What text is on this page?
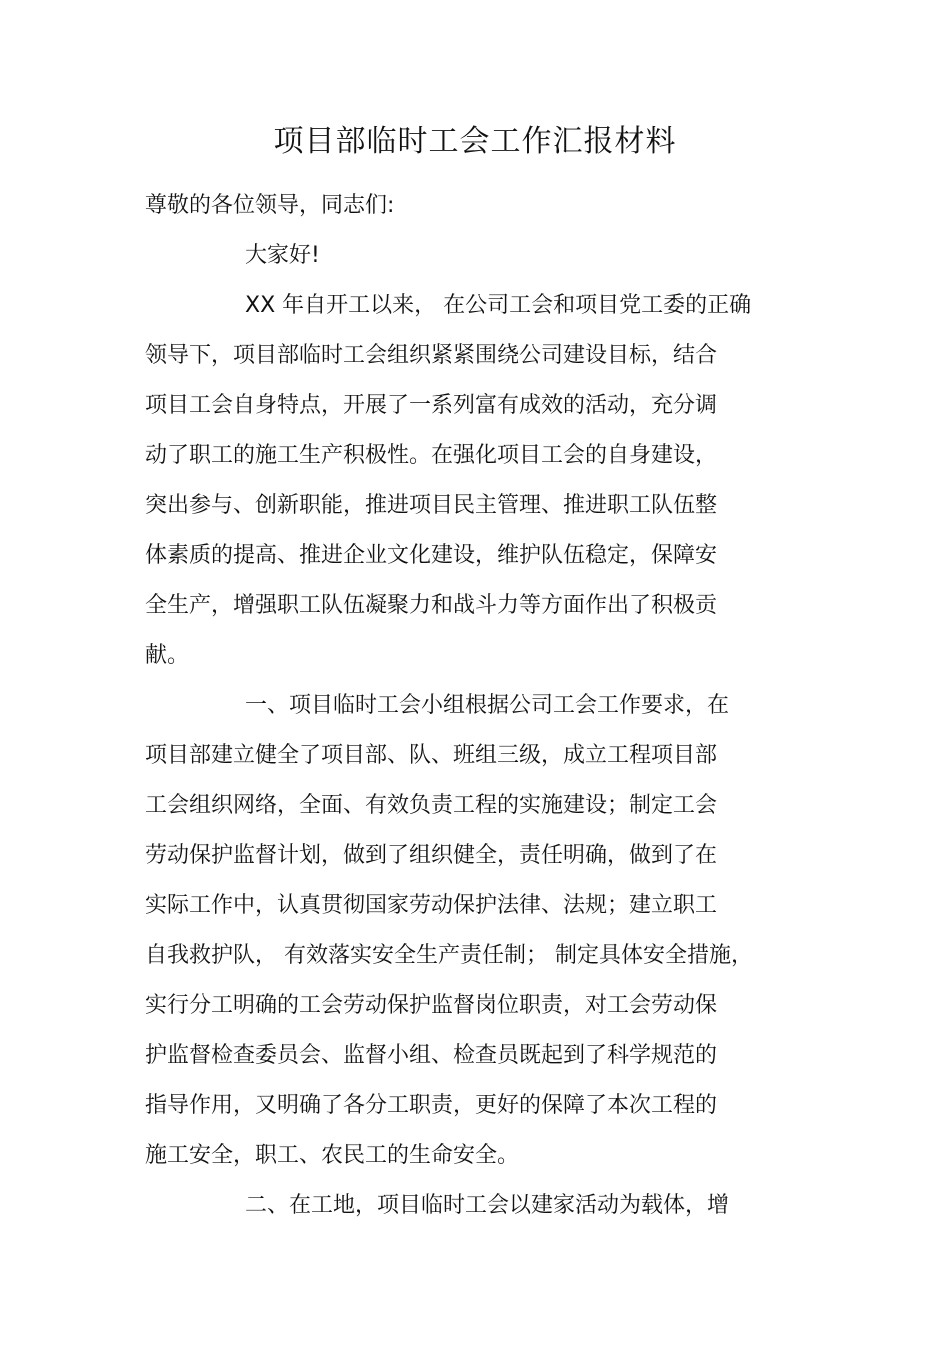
项目部临时工会工作汇报材料
尊敬的各位领导，同志们:
大家好!
XX 年自开工以来， 在公司工会和项目党工委的正确
领导下，项目部临时工会组织紧紧围绕公司建设目标，结合
项目工会自身特点，开展了一系列富有成效的活动，充分调
动了职工的施工生产积极性。在强化项目工会的自身建设，
突出参与、创新职能，推进项目民主管理、推进职工队伍整
体素质的提高、推进企业文化建设，维护队伍稳定，保障安
全生产，增强职工队伍凝聚力和战斗力等方面作出了积极贡
献。
一、项目临时工会小组根据公司工会工作要求，在
项目部建立健全了项目部、队、班组三级，成立工程项目部
工会组织网络，全面、有效负责工程的实施建设；制定工会
劳动保护监督计划，做到了组织健全，责任明确，做到了在
实际工作中，认真贯彻国家劳动保护法律、法规；建立职工
自我救护队， 有效落实安全生产责任制； 制定具体安全措施，
实行分工明确的工会劳动保护监督岗位职责，对工会劳动保
护监督检查委员会、监督小组、检查员既起到了科学规范的
指导作用，又明确了各分工职责，更好的保障了本次工程的
施工安全，职工、农民工的生命安全。
二、在工地，项目临时工会以建家活动为载体，增
